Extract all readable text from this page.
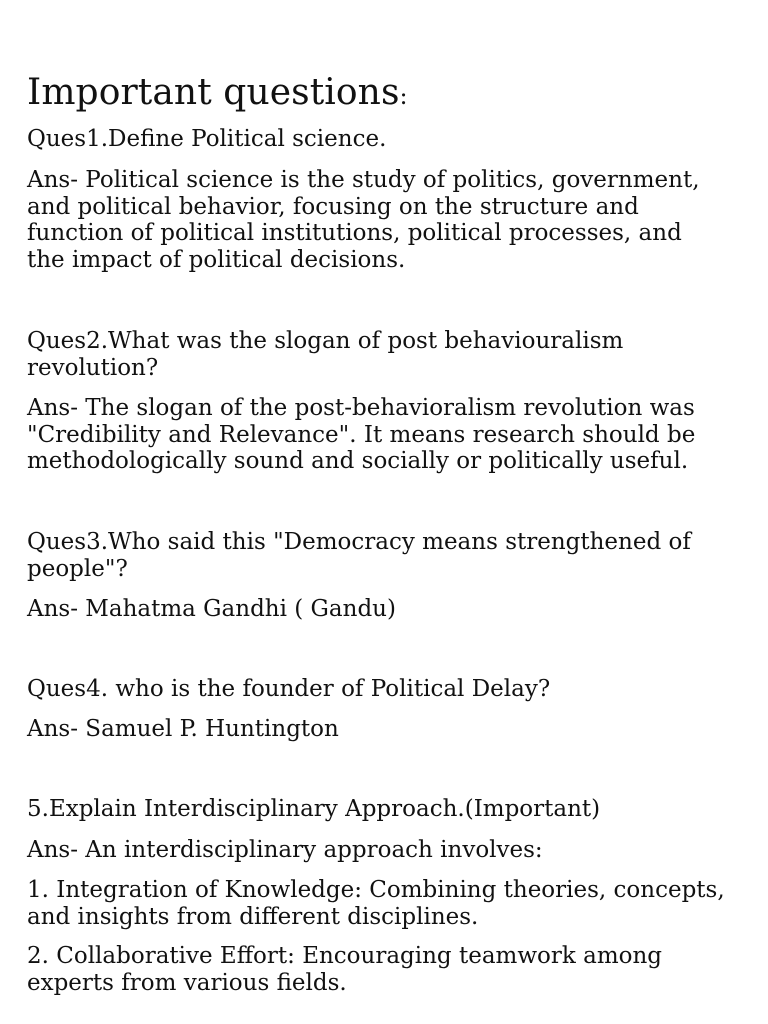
Important questions:
Ques1.Define Political science.
Ans- Political science is the study of politics, government,
and political behavior, focusing on the structure and
function of political institutions, political processes, and
the impact of political decisions.
Ques2.What was the slogan of post behaviouralism
revolution?
Ans- The slogan of the post-behavioralism revolution was
"Credibility and Relevance". It means research should be
methodologically sound and socially or politically useful.
Ques3.Who said this "Democracy means strengthened of
people"?
Ans- Mahatma Gandhi ( Gandu)
Ques4. who is the founder of Political Delay?
Ans- Samuel P. Huntington
5.Explain Interdisciplinary Approach.(Important)
Ans- An interdisciplinary approach involves:
1. Integration of Knowledge: Combining theories, concepts,
and insights from different disciplines.
2. Collaborative Effort: Encouraging teamwork among
experts from various fields.
